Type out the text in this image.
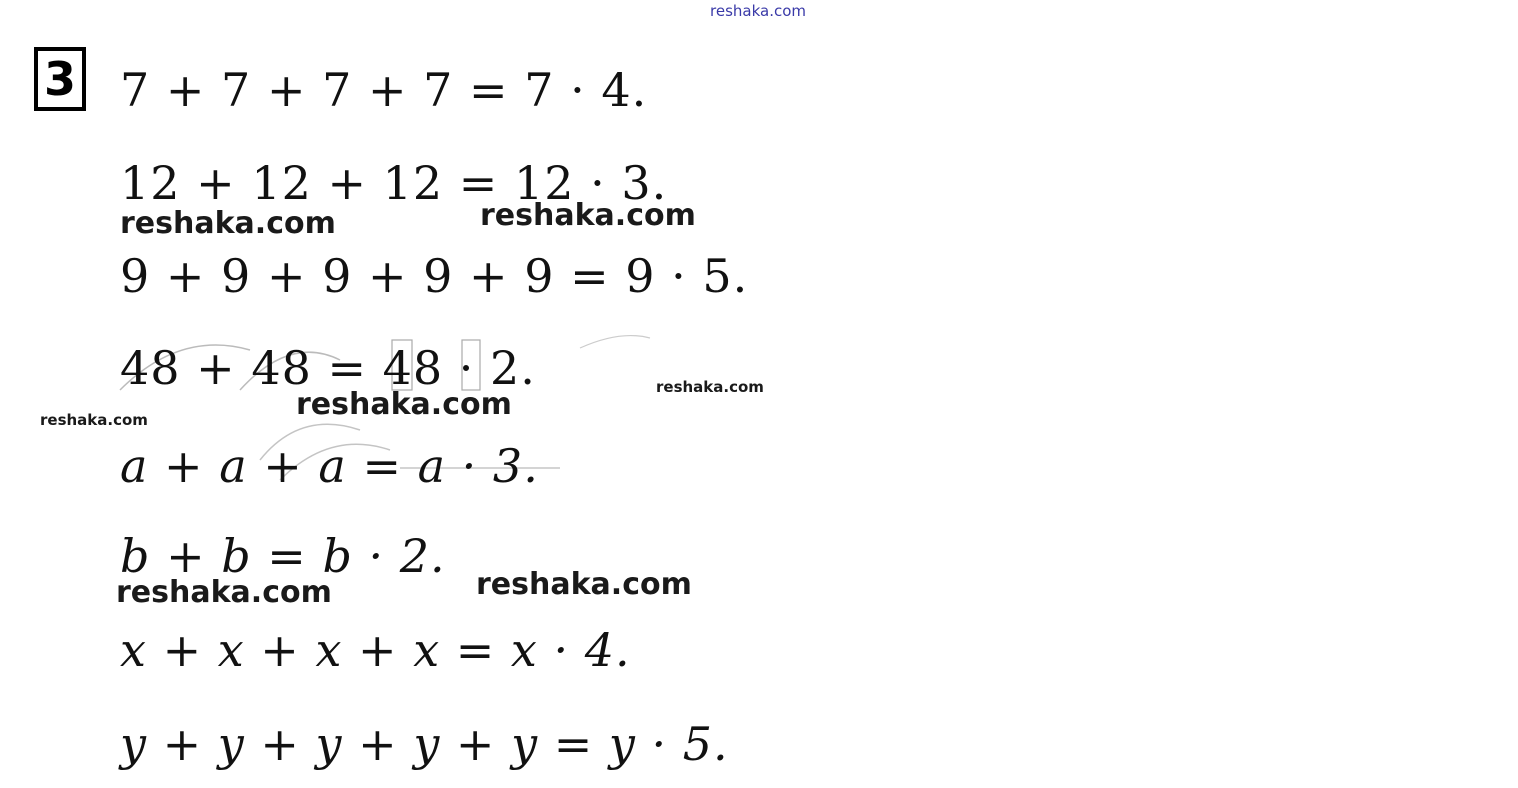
reshaka.com
3 7 + 7 + 7 + 7 = 7 · 4.
12 + 12 + 12 = 12 · 3.
reshaka.com	reshaka.com
9 + 9 + 9 + 9 + 9 = 9 · 5.
48 + 48 = 48 · 2.	reshaka.com
reshaka.com
reshaka.com
a + a + a = a · 3.
b + b = b · 2.
reshaka.com	reshaka.com
x + x + x + x = x · 4.
y + y + y + y + y = y · 5.
